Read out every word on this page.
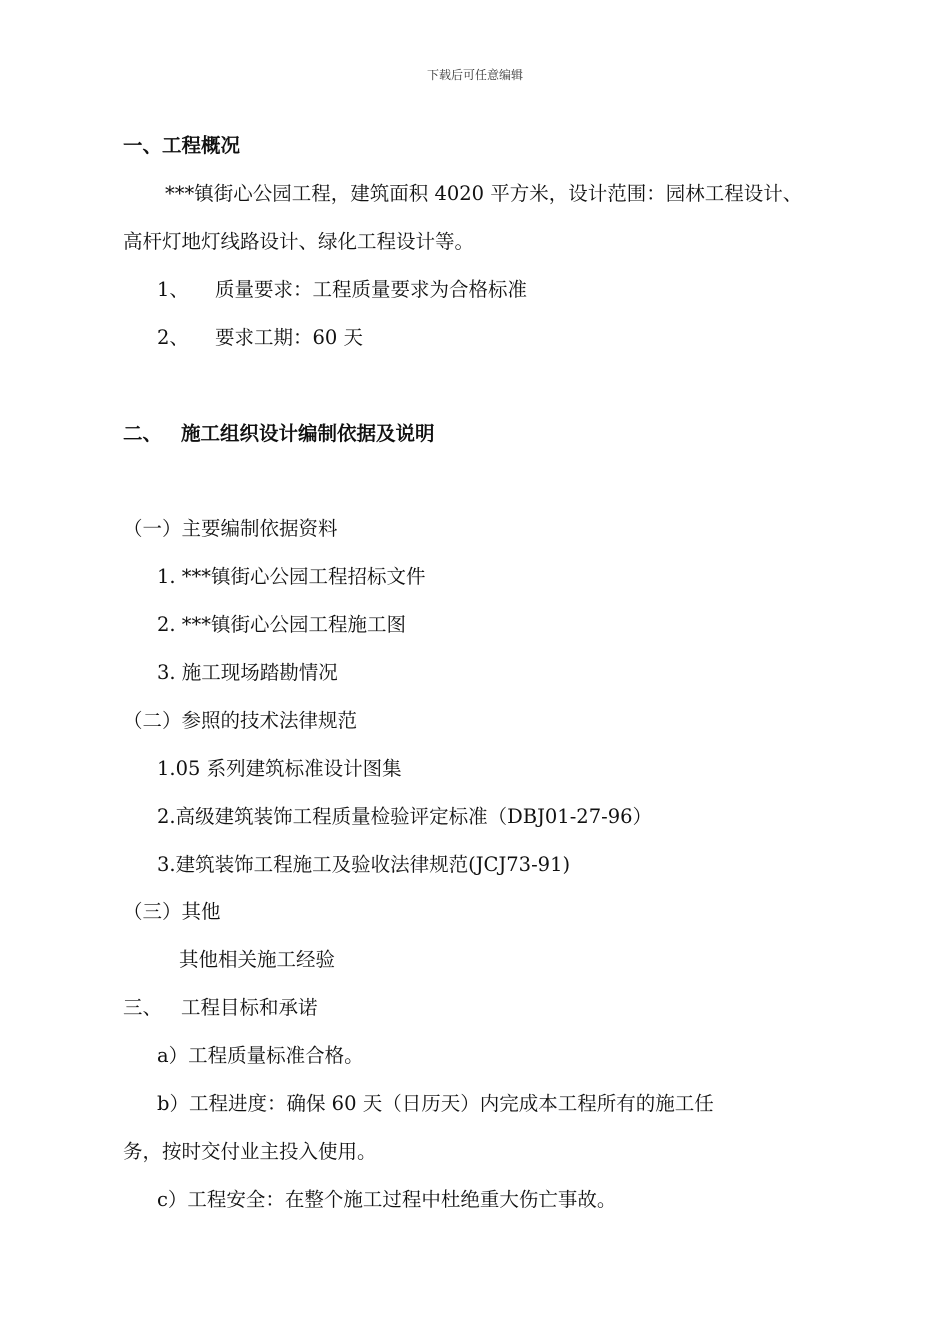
下载后可任意编辑
一、工程概况
***镇街心公园工程，建筑面积 4020 平方米，设计范围：园林工程设计、
高杆灯地灯线路设计、绿化工程设计等。
1、 质量要求：工程质量要求为合格标准
2、 要求工期：60 天
二、 施工组织设计编制依据及说明
（一）主要编制依据资料
1. ***镇街心公园工程招标文件
2. ***镇街心公园工程施工图
3. 施工现场踏勘情况
（二）参照的技术法律规范
1.05 系列建筑标准设计图集
2.高级建筑装饰工程质量检验评定标准（DBJ01-27-96）
3.建筑装饰工程施工及验收法律规范(JCJ73-91)
（三）其他
其他相关施工经验
三、 工程目标和承诺
a）工程质量标准合格。
b）工程进度：确保 60 天（日历天）内完成本工程所有的施工任
务，按时交付业主投入使用。
c）工程安全：在整个施工过程中杜绝重大伤亡事故。
